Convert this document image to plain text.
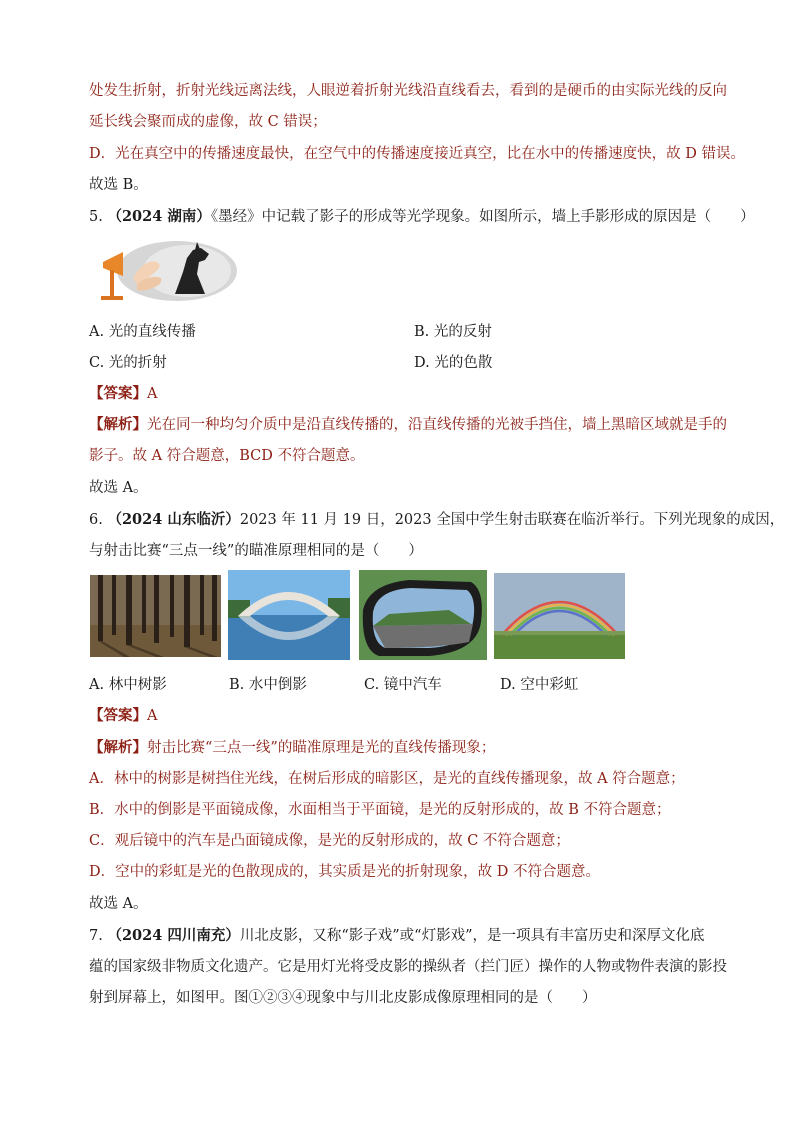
处发生折射，折射光线远离法线，人眼逆着折射光线沿直线看去，看到的是硬币的由实际光线的反向
延长线会聚而成的虚像，故 C 错误；
D．光在真空中的传播速度最快，在空气中的传播速度接近真空，比在水中的传播速度快，故 D 错误。
故选 B。
5. （2024 湖南）《墨经》中记载了影子的形成等光学现象。如图所示，墙上手影形成的原因是（　　）
A. 光的直线传播	B. 光的反射
C. 光的折射	D. 光的色散
【答案】A
【解析】光在同一种均匀介质中是沿直线传播的，沿直线传播的光被手挡住，墙上黑暗区域就是手的
影子。故 A 符合题意，BCD 不符合题意。
故选 A。
6. （2024 山东临沂）2023 年 11 月 19 日，2023 全国中学生射击联赛在临沂举行。下列光现象的成因，
与射击比赛“三点一线”的瞄准原理相同的是（　　）
A. 林中树影	B. 水中倒影	C. 镜中汽车	D. 空中彩虹
【答案】A
【解析】射击比赛“三点一线”的瞄准原理是光的直线传播现象；
A．林中的树影是树挡住光线，在树后形成的暗影区，是光的直线传播现象，故 A 符合题意；
B．水中的倒影是平面镜成像，水面相当于平面镜，是光的反射形成的，故 B 不符合题意；
C．观后镜中的汽车是凸面镜成像，是光的反射形成的，故 C 不符合题意；
D．空中的彩虹是光的色散现成的，其实质是光的折射现象，故 D 不符合题意。
故选 A。
7. （2024 四川南充）川北皮影，又称“影子戏”或“灯影戏”，是一项具有丰富历史和深厚文化底
蕴的国家级非物质文化遗产。它是用灯光将受皮影的操纵者（拦门匠）操作的人物或物件表演的影投
射到屏幕上，如图甲。图①②③④现象中与川北皮影成像原理相同的是（　　）
